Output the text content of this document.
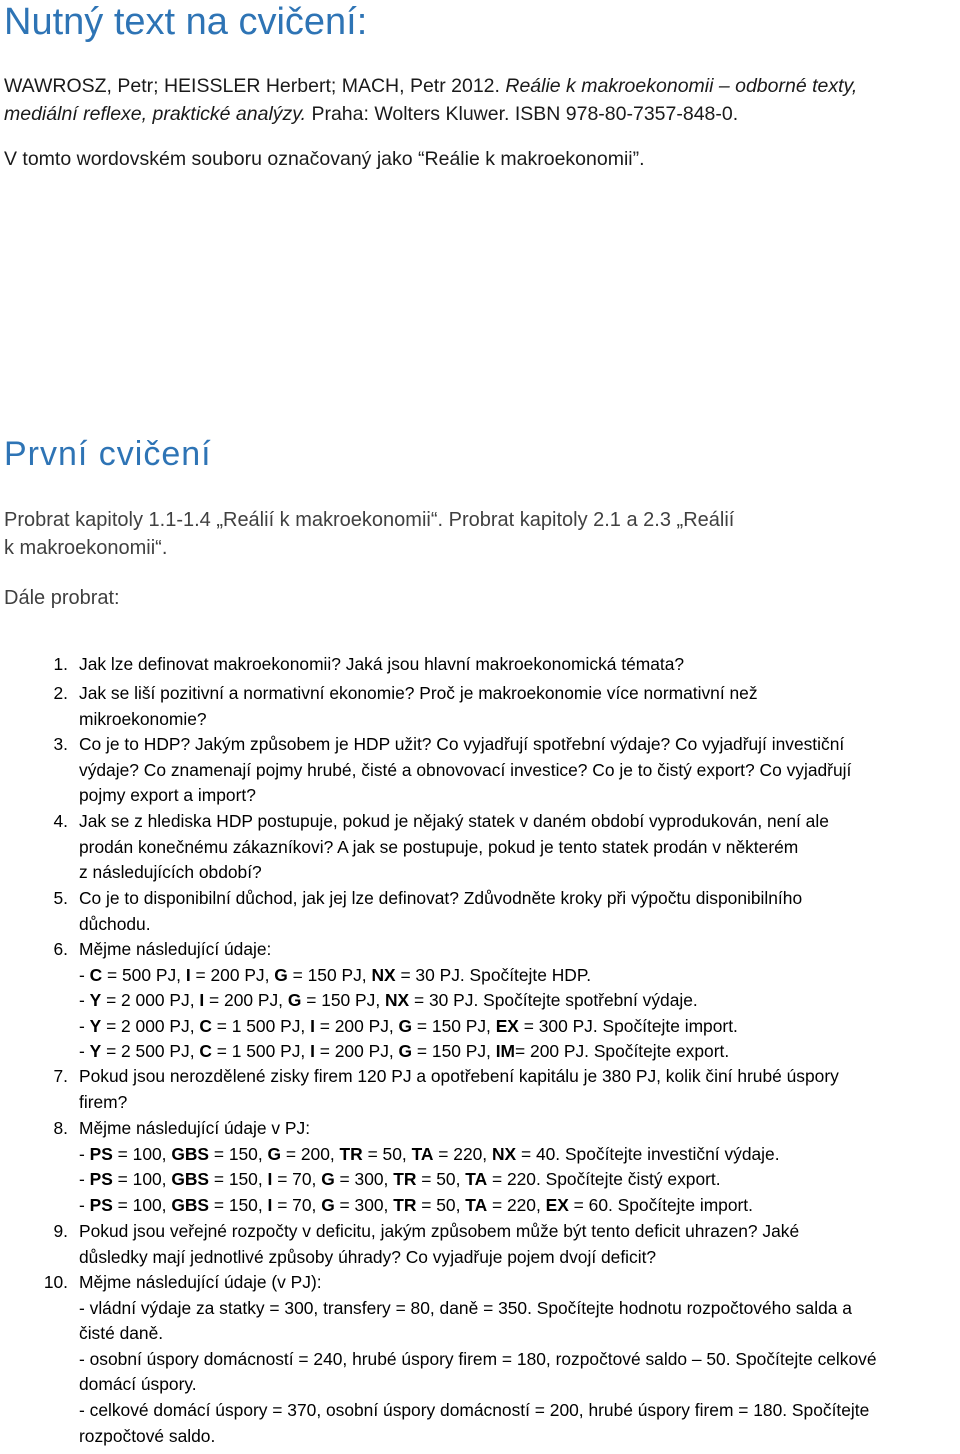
Nutný text na cvičení:

WAWROSZ, Petr; HEISSLER Herbert; MACH, Petr 2012. Reálie k makroekonomii – odborné texty,
mediální reflexe, praktické analýzy. Praha: Wolters Kluwer. ISBN 978-80-7357-848-0.

V tomto wordovském souboru označovaný jako “Reálie k makroekonomii”.

První cvičení

Probrat kapitoly 1.1-1.4 „Reálií k makroekonomii“. Probrat kapitoly 2.1 a 2.3 „Reálií

k makroekonomii“.

Dále probrat:

1. Jak lze definovat makroekonomii? Jaká jsou hlavní makroekonomická témata?
2. Jak se liší pozitivní a normativní ekonomie? Proč je makroekonomie více normativní než
mikroekonomie?
3. Co je to HDP? Jakým způsobem je HDP užit? Co vyjadřují spotřební výdaje? Co vyjadřují investiční
výdaje? Co znamenají pojmy hrubé, čisté a obnovovací investice? Co je to čistý export? Co vyjadřují
pojmy export a import?
4. Jak se z hlediska HDP postupuje, pokud je nějaký statek v daném období vyprodukován, není ale
prodán konečnému zákazníkovi? A jak se postupuje, pokud je tento statek prodán v některém
z následujících období?
5. Co je to disponibilní důchod, jak jej lze definovat? Zdůvodněte kroky při výpočtu disponibilního
důchodu.
6. Mějme následující údaje:
- C = 500 PJ, I = 200 PJ, G = 150 PJ, NX = 30 PJ. Spočítejte HDP.
- Y = 2 000 PJ, I = 200 PJ, G = 150 PJ, NX = 30 PJ. Spočítejte spotřební výdaje.
- Y = 2 000 PJ, C = 1 500 PJ, I = 200 PJ, G = 150 PJ, EX = 300 PJ. Spočítejte import.
- Y = 2 500 PJ, C = 1 500 PJ, I = 200 PJ, G = 150 PJ, IM= 200 PJ. Spočítejte export.
7. Pokud jsou nerozdělené zisky firem 120 PJ a opotřebení kapitálu je 380 PJ, kolik činí hrubé úspory
firem?
8. Mějme následující údaje v PJ:
- PS = 100, GBS = 150, G = 200, TR = 50, TA = 220, NX = 40. Spočítejte investiční výdaje.
- PS = 100, GBS = 150, I = 70, G = 300, TR = 50, TA = 220. Spočítejte čistý export.
- PS = 100, GBS = 150, I = 70, G = 300, TR = 50, TA = 220, EX = 60. Spočítejte import.
9. Pokud jsou veřejné rozpočty v deficitu, jakým způsobem může být tento deficit uhrazen? Jaké
důsledky mají jednotlivé způsoby úhrady? Co vyjadřuje pojem dvojí deficit?
10. Mějme následující údaje (v PJ):
- vládní výdaje za statky = 300, transfery = 80, daně = 350. Spočítejte hodnotu rozpočtového salda a
čisté daně.
- osobní úspory domácností = 240, hrubé úspory firem = 180, rozpočtové saldo – 50. Spočítejte celkové
domácí úspory.
- celkové domácí úspory = 370, osobní úspory domácností = 200, hrubé úspory firem = 180. Spočítejte
rozpočtové saldo.
